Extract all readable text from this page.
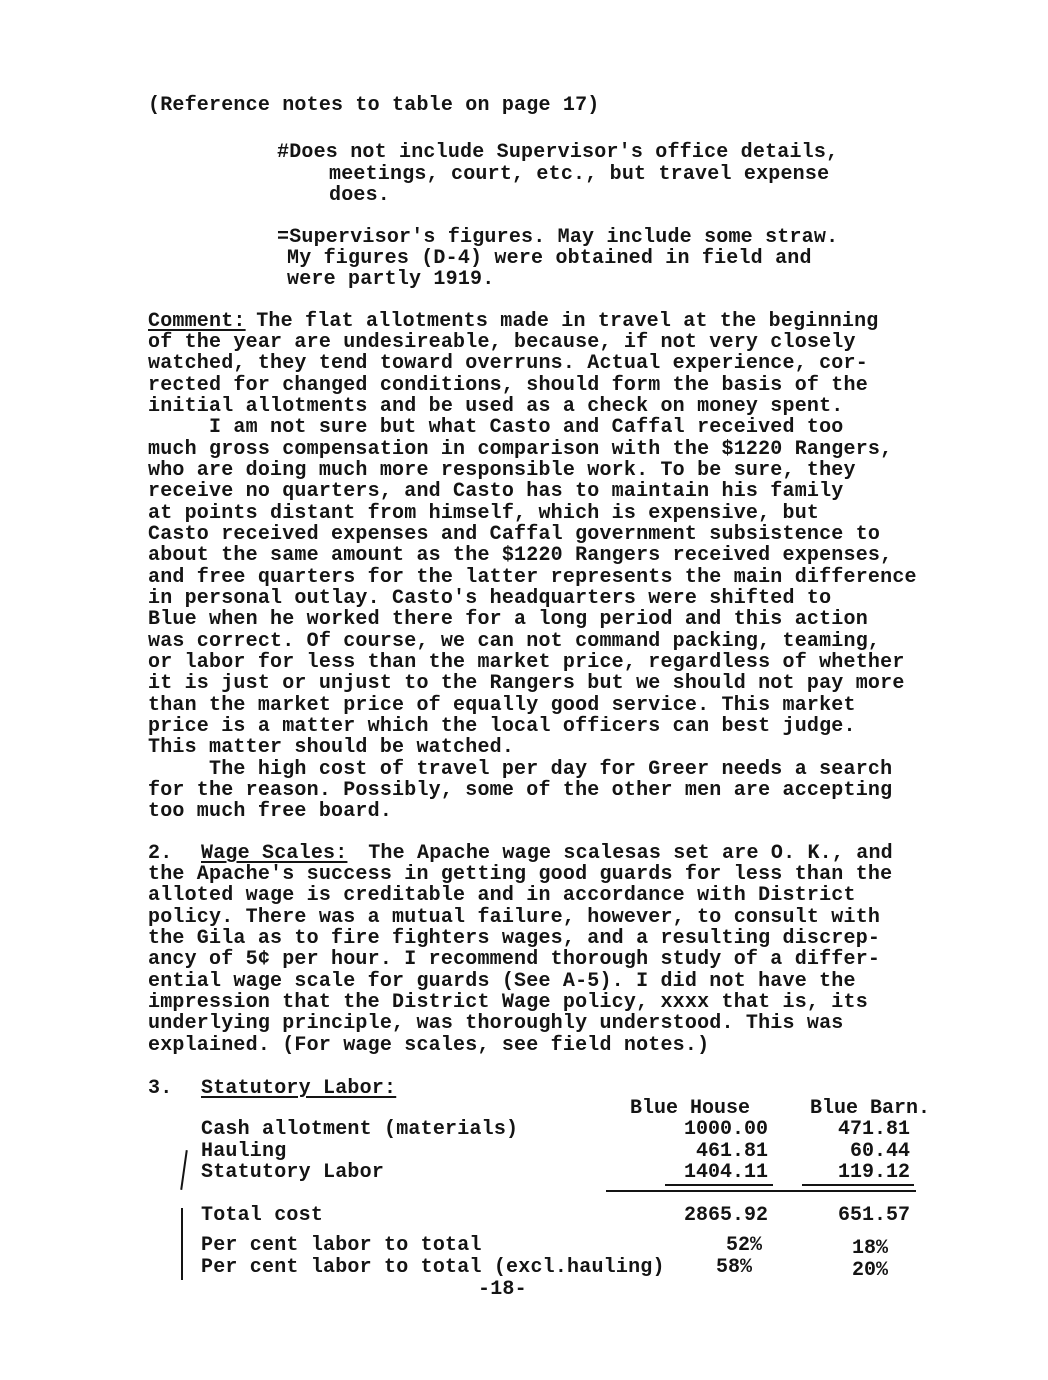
(Reference notes to table on page 17)
#Does not include Supervisor's office details,
meetings, court, etc., but travel expense
does.
=Supervisor's figures. May include some straw.
My figures (D-4) were obtained in field and
were partly 1919.
Comment:
The flat allotments made in travel at the beginning
of the year are undesireable, because, if not very closely
watched, they tend toward overruns. Actual experience, cor-
rected for changed conditions, should form the basis of the
initial allotments and be used as a check on money spent.
I am not sure but what Casto and Caffal received too
much gross compensation in comparison with the $1220 Rangers,
who are doing much more responsible work. To be sure, they
receive no quarters, and Casto has to maintain his family
at points distant from himself, which is expensive, but
Casto received expenses and Caffal government subsistence to
about the same amount as the $1220 Rangers received expenses,
and free quarters for the latter represents the main difference
in personal outlay. Casto's headquarters were shifted to
Blue when he worked there for a long period and this action
was correct. Of course, we can not command packing, teaming,
or labor for less than the market price, regardless of whether
it is just or unjust to the Rangers but we should not pay more
than the market price of equally good service. This market
price is a matter which the local officers can best judge.
This matter should be watched.
The high cost of travel per day for Greer needs a search
for the reason. Possibly, some of the other men are accepting
too much free board.
2. Wage Scales: The Apache wage scalesas set are O. K., and
the Apache's success in getting good guards for less than the
alloted wage is creditable and in accordance with District
policy. There was a mutual failure, however, to consult with
the Gila as to fire fighters wages, and a resulting discrep-
ancy of 5¢ per hour. I recommend thorough study of a differ-
ential wage scale for guards (See A-5). I did not have the
impression that the District Wage policy, xxxx that is, its
underlying principle, was thoroughly understood. This was
explained. (For wage scales, see field notes.)
3. Statutory Labor:
Blue House	Blue Barn.
Cash allotment (materials)	1000.00	471.81
Hauling	461.81	60.44
Statutory Labor	1404.11	119.12
Total cost	2865.92	651.57
Per cent labor to total	52%	18%
Per cent labor to total (excl.hauling)	58%	20%
-18-
